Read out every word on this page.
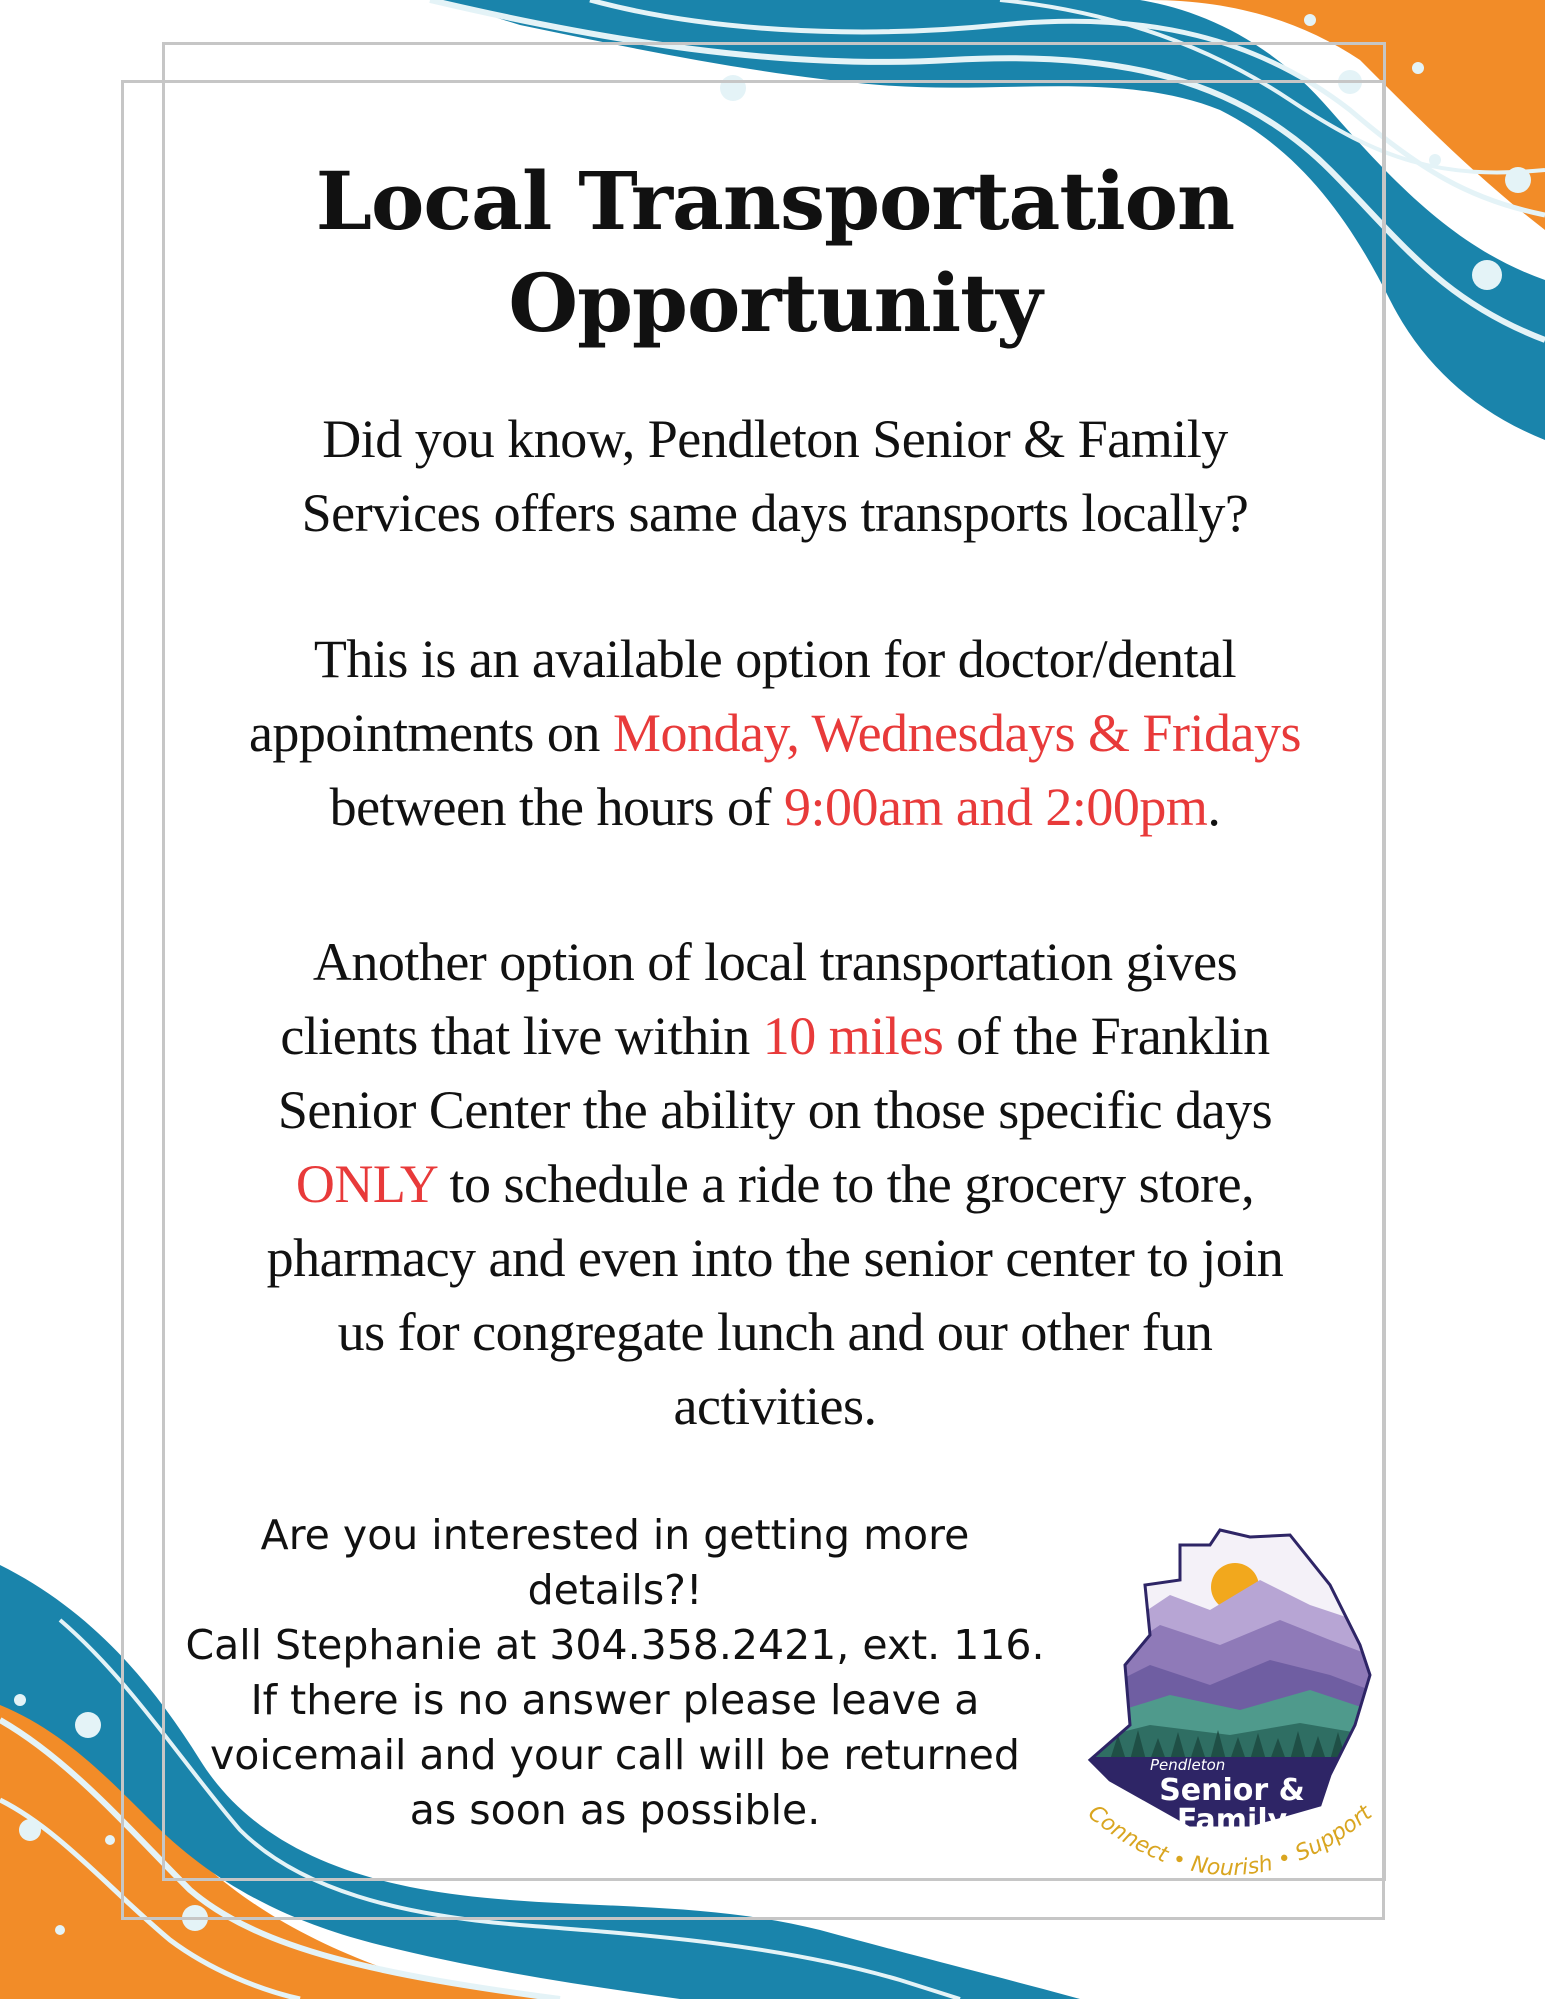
Local Transportation
Opportunity

Did you know, Pendleton Senior & Family
Services offers same days transports locally?

This is an available option for doctor/dental
appointments on Monday, Wednesdays & Fridays
between the hours of 9:00am and 2:00pm.

Another option of local transportation gives
clients that live within 10 miles of the Franklin
Senior Center the ability on those specific days
ONLY to schedule a ride to the grocery store,
pharmacy and even into the senior center to join
us for congregate lunch and our other fun
activities.

Are you interested in getting more
details?!
Call Stephanie at 304.358.2421, ext. 116.
If there is no answer please leave a
voicemail and your call will be returned
as soon as possible.

Pendleton
Senior &
Family
Services
Connect • Nourish • Support
